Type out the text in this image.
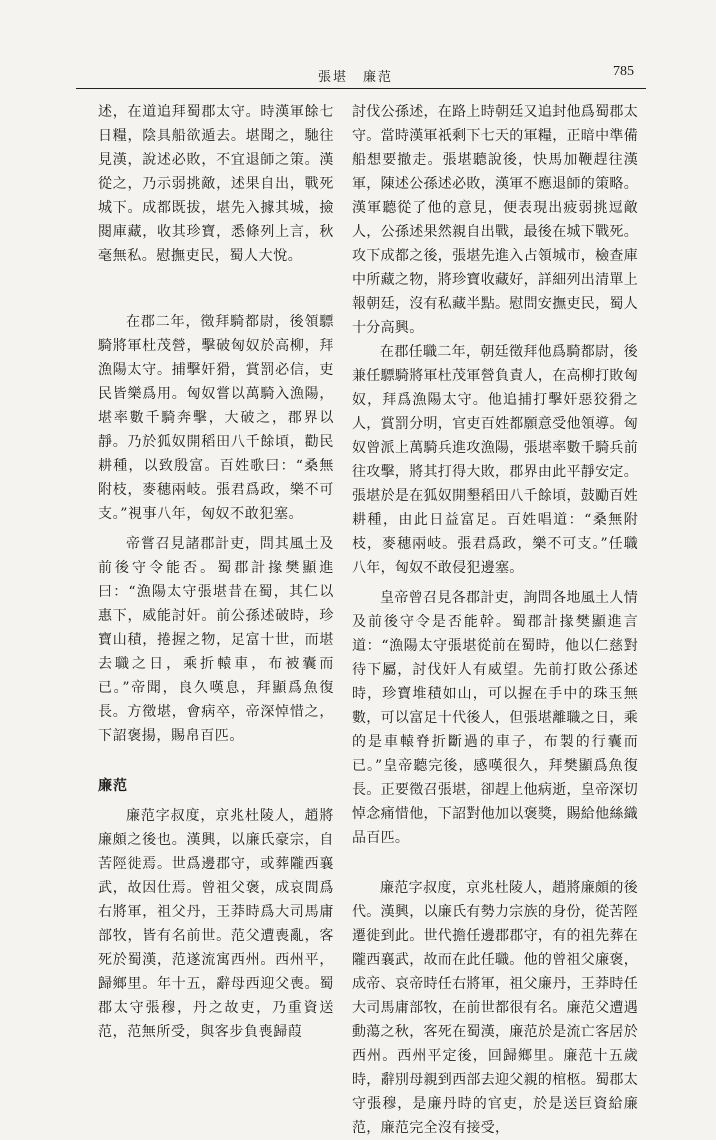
張堪　廉范	785

述，在道追拜蜀郡太守。時漢軍餘七日糧，陰具船欲遁去。堪聞之，馳往見漢，說述必敗，不宜退師之策。漢從之，乃示弱挑敵，述果自出，戰死城下。成都既拔，堪先入據其城，撿閱庫藏，收其珍寶，悉條列上言，秋毫無私。慰撫吏民，蜀人大悅。

在郡二年，徵拜騎都尉，後領驃騎將軍杜茂營，擊破匈奴於高柳，拜漁陽太守。捕擊奸猾，賞罰必信，吏民皆樂爲用。匈奴嘗以萬騎入漁陽，堪率數千騎奔擊，大破之，郡界以靜。乃於狐奴開稻田八千餘頃，勸民耕種，以致殷富。百姓歌曰：“桑無附枝，麥穗兩岐。張君爲政，樂不可支。”視事八年，匈奴不敢犯塞。

帝嘗召見諸郡計吏，問其風土及前後守令能否。蜀郡計掾樊顯進曰：“漁陽太守張堪昔在蜀，其仁以惠下，威能討奸。前公孫述破時，珍寶山積，捲握之物，足富十世，而堪去職之日，乘折轅車，布被囊而已。”帝聞，良久嘆息，拜顯爲魚復長。方徵堪，會病卒，帝深悼惜之，下詔褒揚，賜帛百匹。

廉范

廉范字叔度，京兆杜陵人，趙將廉頗之後也。漢興，以廉氏豪宗，自苦陘徙焉。世爲邊郡守，或葬隴西襄武，故因仕焉。曾祖父褒，成哀間爲右將軍，祖父丹，王莽時爲大司馬庸部牧，皆有名前世。范父遭喪亂，客死於蜀漢，范遂流寓西州。西州平，歸鄉里。年十五，辭母西迎父喪。蜀郡太守張穆，丹之故吏，乃重資送范，范無所受，與客步負喪歸葭

討伐公孫述，在路上時朝廷又追封他爲蜀郡太守。當時漢軍祇剩下七天的軍糧，正暗中準備船想要撤走。張堪聽說後，快馬加鞭趕往漢軍，陳述公孫述必敗，漢軍不應退師的策略。漢軍聽從了他的意見，便表現出疲弱挑逗敵人，公孫述果然親自出戰，最後在城下戰死。攻下成都之後，張堪先進入占領城市，檢查庫中所藏之物，將珍寶收藏好，詳細列出清單上報朝廷，沒有私藏半點。慰問安撫吏民，蜀人十分高興。

在郡任職二年，朝廷徵拜他爲騎都尉，後兼任驃騎將軍杜茂軍營負責人，在高柳打敗匈奴，拜爲漁陽太守。他追捕打擊奸惡狡猾之人，賞罰分明，官吏百姓都願意受他領導。匈奴曾派上萬騎兵進攻漁陽，張堪率數千騎兵前往攻擊，將其打得大敗，郡界由此平靜安定。張堪於是在狐奴開墾稻田八千餘頃，鼓勵百姓耕種，由此日益富足。百姓唱道：“桑無附枝，麥穗兩岐。張君爲政，樂不可支。”任職八年，匈奴不敢侵犯邊塞。

皇帝曾召見各郡計吏，詢問各地風土人情及前後守令是否能幹。蜀郡計掾樊顯進言道：“漁陽太守張堪從前在蜀時，他以仁慈對待下屬，討伐奸人有威望。先前打敗公孫述時，珍寶堆積如山，可以握在手中的珠玉無數，可以富足十代後人，但張堪離職之日，乘的是車轅脊折斷過的車子，布製的行囊而已。”皇帝聽完後，感嘆很久，拜樊顯爲魚復長。正要徵召張堪，卻趕上他病逝，皇帝深切悼念痛惜他，下詔對他加以褒獎，賜給他絲織品百匹。

廉范字叔度，京兆杜陵人，趙將廉頗的後代。漢興，以廉氏有勢力宗族的身份，從苦陘遷徙到此。世代擔任邊郡郡守，有的祖先葬在隴西襄武，故而在此任職。他的曾祖父廉褒，成帝、哀帝時任右將軍，祖父廉丹，王莽時任大司馬庸部牧，在前世都很有名。廉范父遭遇動蕩之秋，客死在蜀漢，廉范於是流亡客居於西州。西州平定後，回歸鄉里。廉范十五歲時，辭別母親到西部去迎父親的棺柩。蜀郡太守張穆，是廉丹時的官吏，於是送巨資給廉范，廉范完全沒有接受，
